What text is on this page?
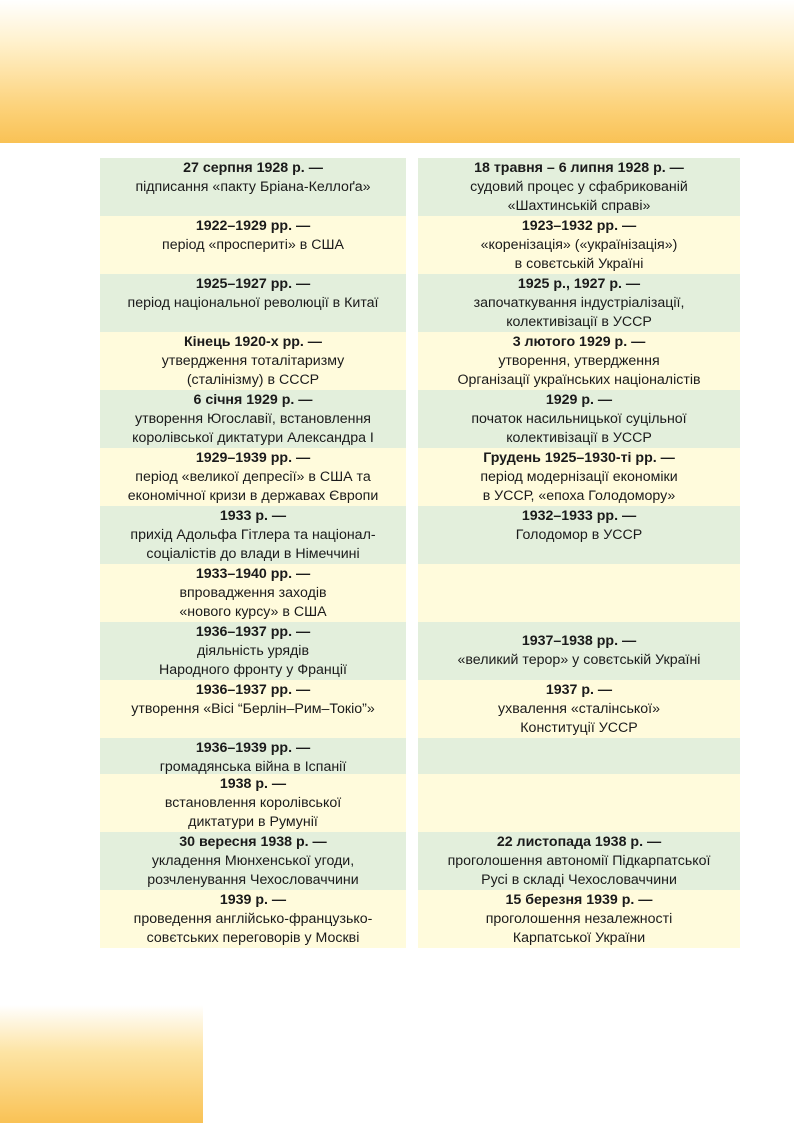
27 серпня 1928 р. —
підписання «пакту Бріана-Келлоґа»
18 травня – 6 липня 1928 р. —
судовий процес у сфабрикованій
«Шахтинській справі»
1922–1929 рр. —
період «просперитi» в США
1923–1932 рр. —
«коренізація» («українізація»)
в совєтській Україні
1925–1927 рр. —
період національної революції в Китаї
1925 р., 1927 р. —
започаткування індустріалізації,
колективізації в УССР
Кінець 1920-х рр. —
утвердження тоталітаризму
(сталінізму) в СССР
3 лютого 1929 р. —
утворення, утвердження
Організації українських націоналістів
6 січня 1929 р. —
утворення Югославії, встановлення
королівської диктатури Александра І
1929 р. —
початок насильницької суцільної
колективізації в УССР
1929–1939 рр. —
період «великої депресії» в США та
економічної кризи в державах Європи
Грудень 1925–1930-ті рр. —
період модернізації економіки
в УССР, «епоха Голодомору»
1933 р. —
прихід Адольфа Гітлера та націонал-
соціалістів до влади в Німеччині
1932–1933 рр. —
Голодомор в УССР
1933–1940 рр. —
впровадження заходів
«нового курсу» в США
1936–1937 рр. —
діяльність урядів
Народного фронту у Франції
1937–1938 рр. —
«великий терор» у совєтській Україні
1936–1937 рр. —
утворення «Вісі “Берлін–Рим–Токіо”»
1937 р. —
ухвалення «сталінської»
Конституції УССР
1936–1939 рр. —
громадянська війна в Іспанії
1938 р. —
встановлення королівської
диктатури в Румунії
30 вересня 1938 р. —
укладення Мюнхенської угоди,
розчленування Чехословаччини
22 листопада 1938 р. —
проголошення автономії Підкарпатської
Русі в складі Чехословаччини
1939 р. —
проведення англійсько-французько-
совєтських переговорів у Москві
15 березня 1939 р. —
проголошення незалежності
Карпатської України
